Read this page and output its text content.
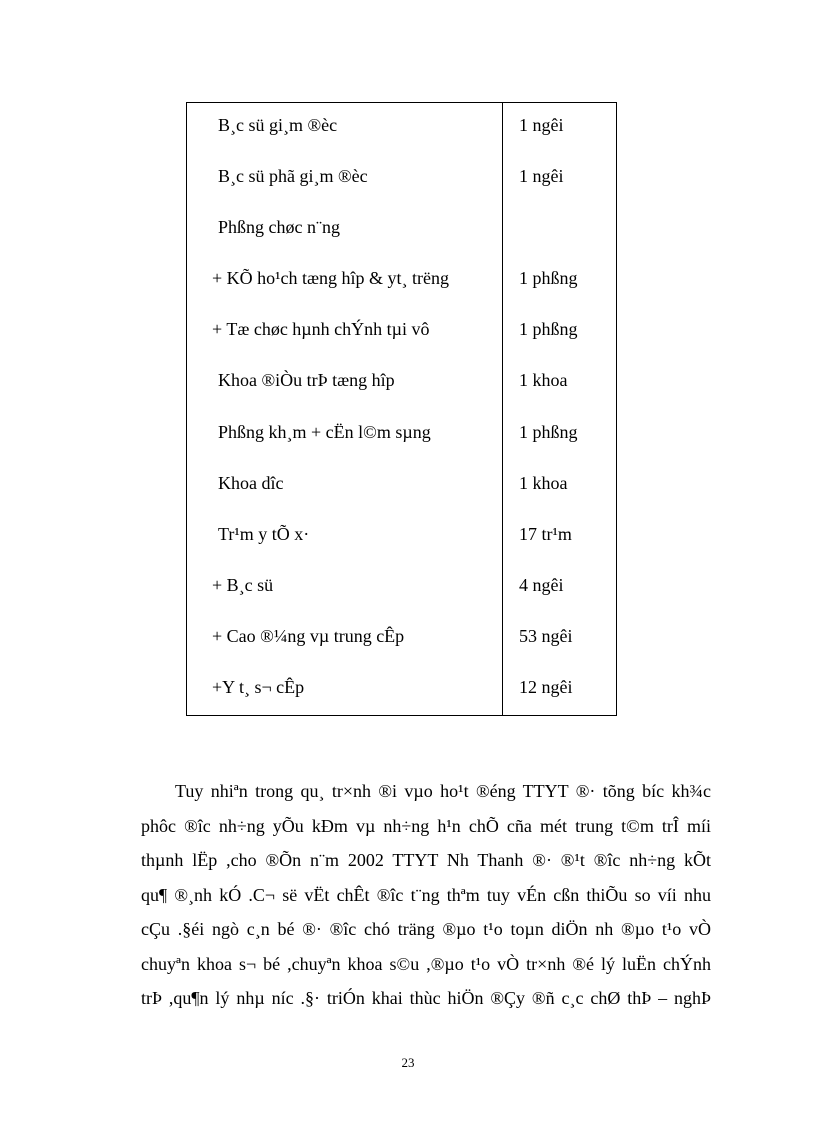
B¸c sü gi¸m ®èc	1 ngêi
B¸c sü phã gi¸m ®èc	1 ngêi
Phßng chøc n¨ng
+ KÕ ho¹ch tæng hîp & yt¸ trëng	1 phßng
+ Tæ chøc hµnh chÝnh tµi vô	1 phßng
Khoa ®iÒu trÞ tæng hîp	1 khoa
Phßng kh¸m + cËn l©m sµng	1 phßng
Khoa dîc	1 khoa
Tr¹m y tÕ x·	17 tr¹m
+ B¸c sü	4 ngêi
+ Cao ®¼ng vµ trung cÊp	53 ngêi
+Y t¸ s¬ cÊp	12 ngêi
Tuy nhiªn trong qu¸ tr×nh ®i vµo ho¹t ®éng TTYT ®· tõng bíc kh¾c
phôc ®îc nh÷ng yÕu kÐm vµ nh÷ng h¹n chÕ cña mét trung t©m trÎ míi
thµnh lËp ,cho ®Õn n¨m 2002 TTYT Nh Thanh ®· ®¹t ®îc nh÷ng kÕt
qu¶ ®¸nh kÓ .C¬ së vËt chÊt ®îc t¨ng thªm tuy vÉn cßn thiÕu so víi nhu
cÇu .§éi ngò c¸n bé ®· ®îc chó träng ®µo t¹o toµn diÖn nh ®µo t¹o vÒ
chuyªn khoa s¬ bé ,chuyªn khoa s©u ,®µo t¹o vÒ tr×nh ®é lý luËn chÝnh
trÞ ,qu¶n lý nhµ níc .§· triÓn khai thùc hiÖn ®Çy ®ñ c¸c chØ thÞ – nghÞ
23
